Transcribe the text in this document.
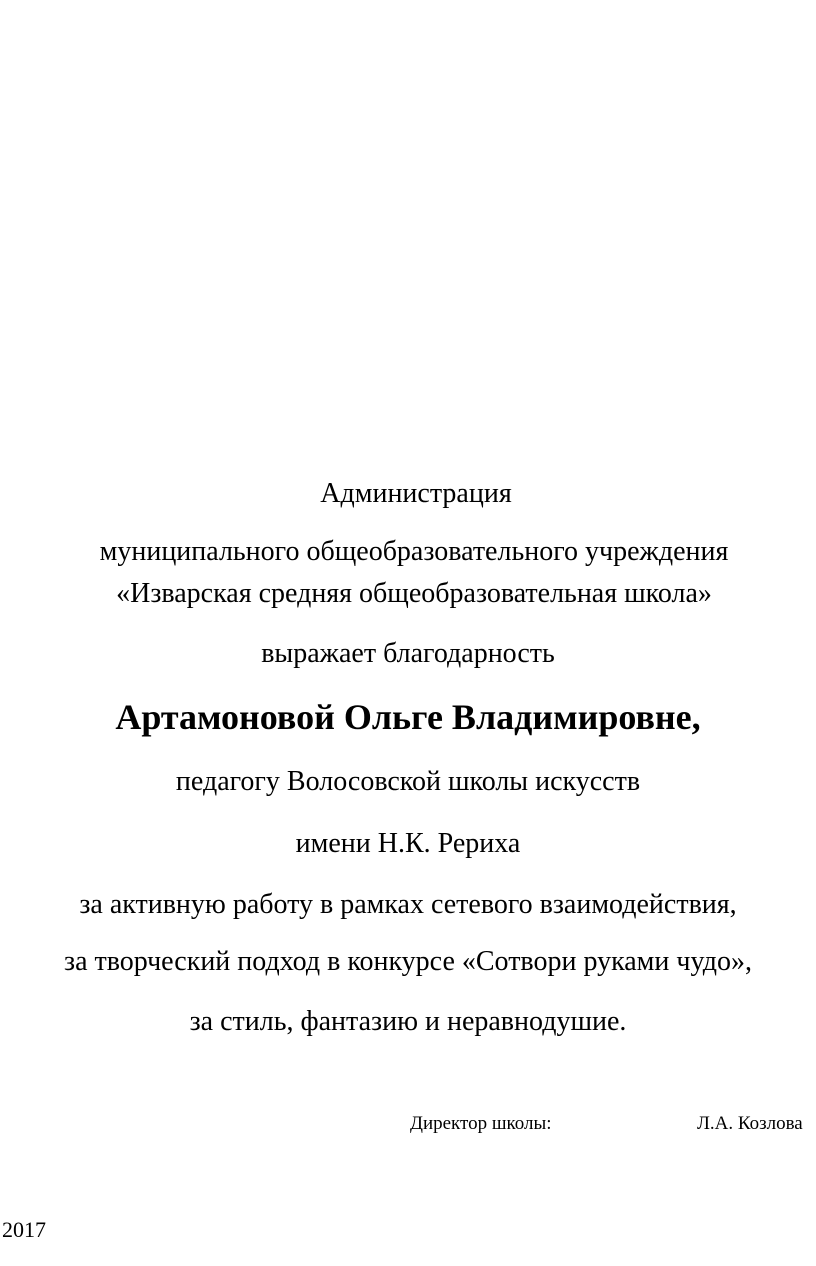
Администрация
муниципального общеобразовательного учреждения
«Изварская средняя общеобразовательная школа»
выражает благодарность
Артамоновой Ольге Владимировне,
педагогу Волосовской школы искусств
имени Н.К. Рериха
за активную работу в рамках сетевого взаимодействия,
за творческий подход в конкурсе «Сотвори руками чудо»,
за стиль, фантазию и неравнодушие.
Директор школы:	Л.А. Козлова
2017
